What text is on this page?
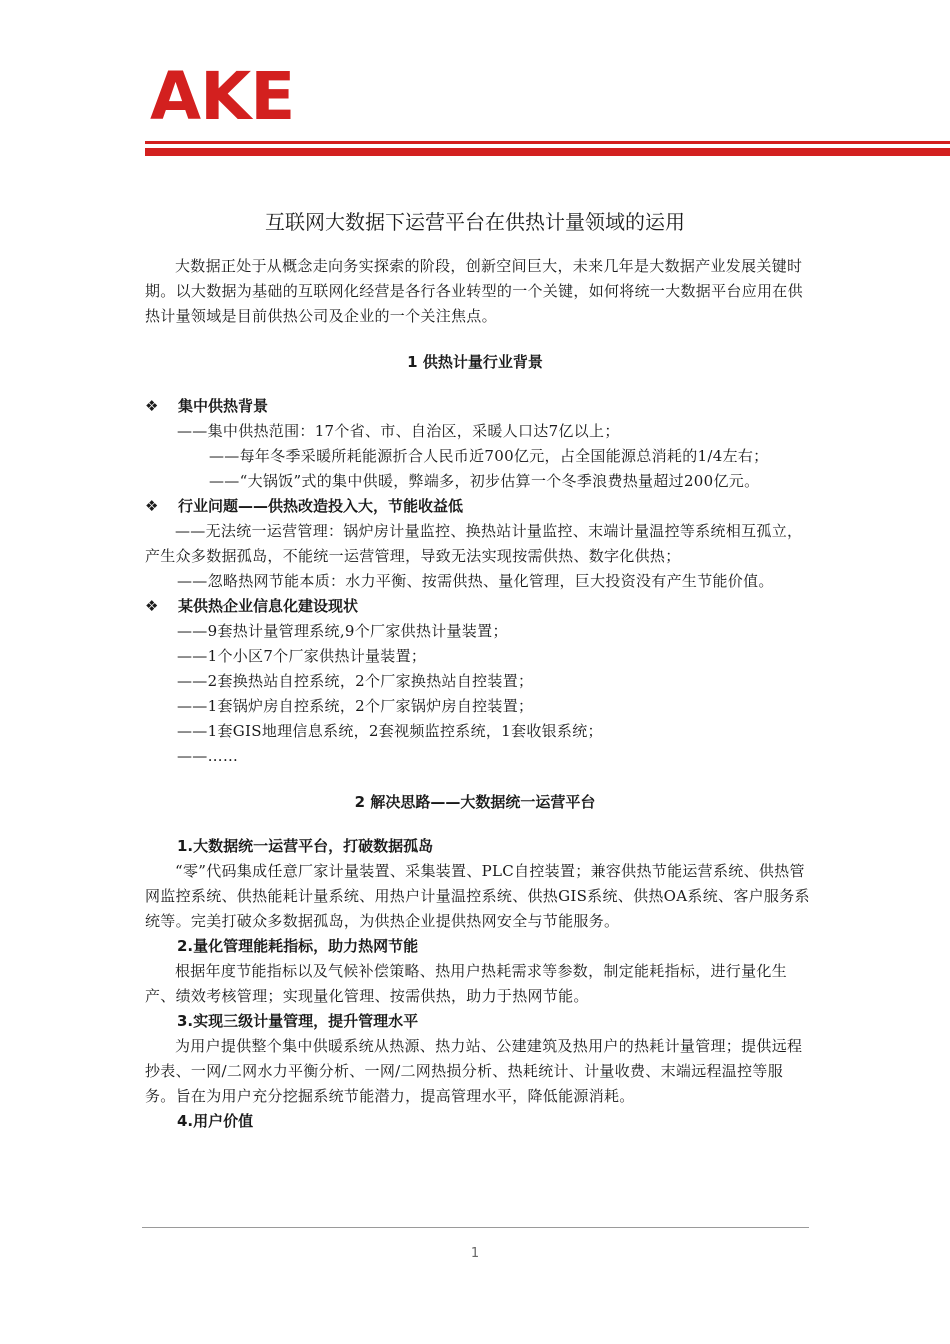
AKE
互联网大数据下运营平台在供热计量领域的运用

大数据正处于从概念走向务实探索的阶段，创新空间巨大，未来几年是大数据产业发展关键时期。以大数据为基础的互联网化经营是各行各业转型的一个关键，如何将统一大数据平台应用在供热计量领域是目前供热公司及企业的一个关注焦点。

1 供热计量行业背景
❖ 集中供热背景
——集中供热范围：17个省、市、自治区，采暖人口达7亿以上；
——每年冬季采暖所耗能源折合人民币近700亿元，占全国能源总消耗的1/4左右；
——“大锅饭”式的集中供暖，弊端多，初步估算一个冬季浪费热量超过200亿元。
❖ 行业问题——供热改造投入大，节能收益低

——无法统一运营管理：锅炉房计量监控、换热站计量监控、末端计量温控等系统相互孤立，产生众多数据孤岛，不能统一运营管理，导致无法实现按需供热、数字化供热；

——忽略热网节能本质：水力平衡、按需供热、量化管理，巨大投资没有产生节能价值。
❖ 某供热企业信息化建设现状
——9套热计量管理系统,9个厂家供热计量装置；
——1个小区7个厂家供热计量装置；
——2套换热站自控系统，2个厂家换热站自控装置；
——1套锅炉房自控系统，2个厂家锅炉房自控装置；
——1套GIS地理信息系统，2套视频监控系统，1套收银系统；
——……
2 解决思路——大数据统一运营平台
1.大数据统一运营平台，打破数据孤岛

“零”代码集成任意厂家计量装置、采集装置、PLC自控装置；兼容供热节能运营系统、供热管网监控系统、供热能耗计量系统、用热户计量温控系统、供热GIS系统、供热OA系统、客户服务系统等。完美打破众多数据孤岛，为供热企业提供热网安全与节能服务。

2.量化管理能耗指标，助力热网节能

根据年度节能指标以及气候补偿策略、热用户热耗需求等参数，制定能耗指标，进行量化生产、绩效考核管理；实现量化管理、按需供热，助力于热网节能。

3.实现三级计量管理，提升管理水平

为用户提供整个集中供暖系统从热源、热力站、公建建筑及热用户的热耗计量管理；提供远程抄表、一网/二网水力平衡分析、一网/二网热损分析、热耗统计、计量收费、末端远程温控等服务。旨在为用户充分挖掘系统节能潜力，提高管理水平，降低能源消耗。

4.用户价值
1
